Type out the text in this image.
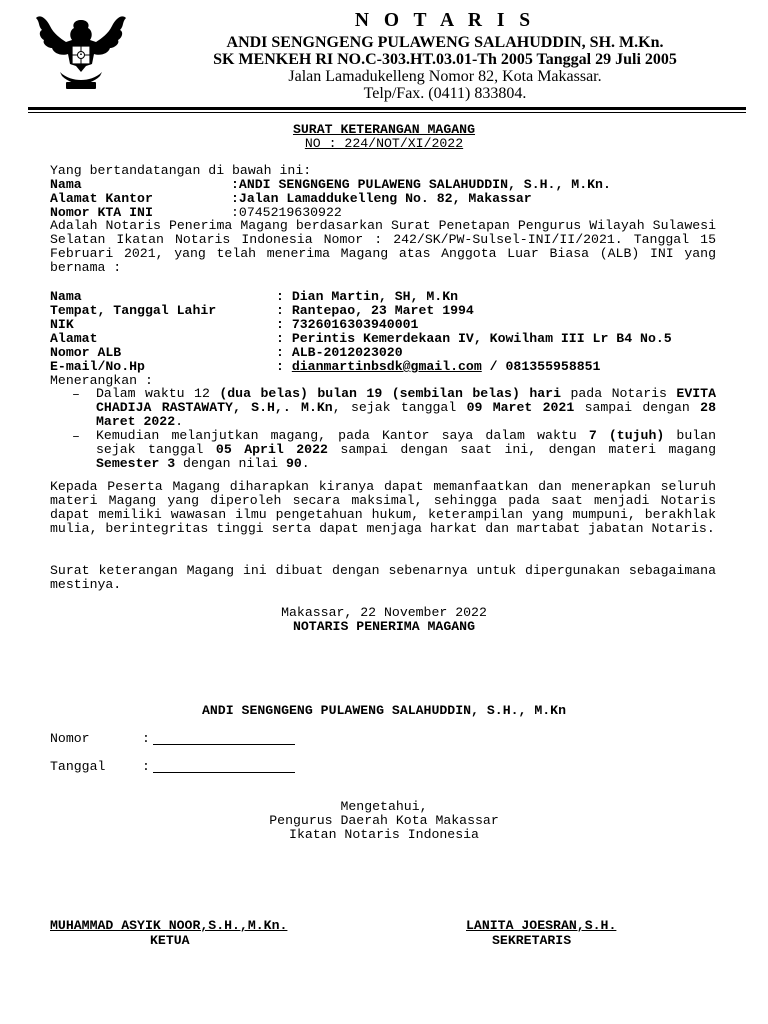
N O T A R I S
ANDI SENGNGENG PULAWENG SALAHUDDIN, SH. M.Kn.
SK MENKEH RI NO.C-303.HT.03.01-Th 2005 Tanggal 29 Juli 2005
Jalan Lamadukelleng Nomor 82, Kota Makassar.
Telp/Fax. (0411) 833804.
SURAT KETERANGAN MAGANG
NO : 224/NOT/XI/2022
Yang bertandatangan di bawah ini:
Nama	:ANDI SENGNGENG PULAWENG SALAHUDDIN, S.H., M.Kn.
Alamat Kantor	:Jalan Lamaddukelleng No. 82, Makassar
Nomor KTA INI	:0745219630922

Adalah Notaris Penerima Magang berdasarkan Surat Penetapan Pengurus Wilayah Sulawesi Selatan Ikatan Notaris Indonesia Nomor : 242/SK/PW-Sulsel-INI/II/2021. Tanggal 15 Februari 2021, yang telah menerima Magang atas Anggota Luar Biasa (ALB) INI yang bernama :

Nama	: Dian Martin, SH, M.Kn
Tempat, Tanggal Lahir	: Rantepao, 23 Maret 1994
NIK	: 7326016303940001
Alamat	: Perintis Kemerdekaan IV, Kowilham III Lr B4 No.5
Nomor ALB	: ALB-2012023020
E-mail/No.Hp	: dianmartinbsdk@gmail.com / 081355958851
Menerangkan :
– Dalam waktu 12 (dua belas) bulan 19 (sembilan belas) hari pada Notaris EVITA CHADIJA RASTAWATY, S.H,. M.Kn, sejak tanggal 09 Maret 2021 sampai dengan 28 Maret 2022.

– Kemudian melanjutkan magang, pada Kantor saya dalam waktu 7 (tujuh) bulan sejak tanggal 05 April 2022 sampai dengan saat ini, dengan materi magang Semester 3 dengan nilai 90.

Kepada Peserta Magang diharapkan kiranya dapat memanfaatkan dan menerapkan seluruh materi Magang yang diperoleh secara maksimal, sehingga pada saat menjadi Notaris dapat memiliki wawasan ilmu pengetahuan hukum, keterampilan yang mumpuni, berakhlak mulia, berintegritas tinggi serta dapat menjaga harkat dan martabat jabatan Notaris.

Surat keterangan Magang ini dibuat dengan sebenarnya untuk dipergunakan sebagaimana mestinya.

Makassar, 22 November 2022
NOTARIS PENERIMA MAGANG
ANDI SENGNGENG PULAWENG SALAHUDDIN, S.H., M.Kn
Nomor	:
Tanggal	:
Mengetahui,
Pengurus Daerah Kota Makassar
Ikatan Notaris Indonesia
MUHAMMAD ASYIK NOOR,S.H.,M.Kn.
KETUA
LANITA JOESRAN,S.H.
SEKRETARIS
